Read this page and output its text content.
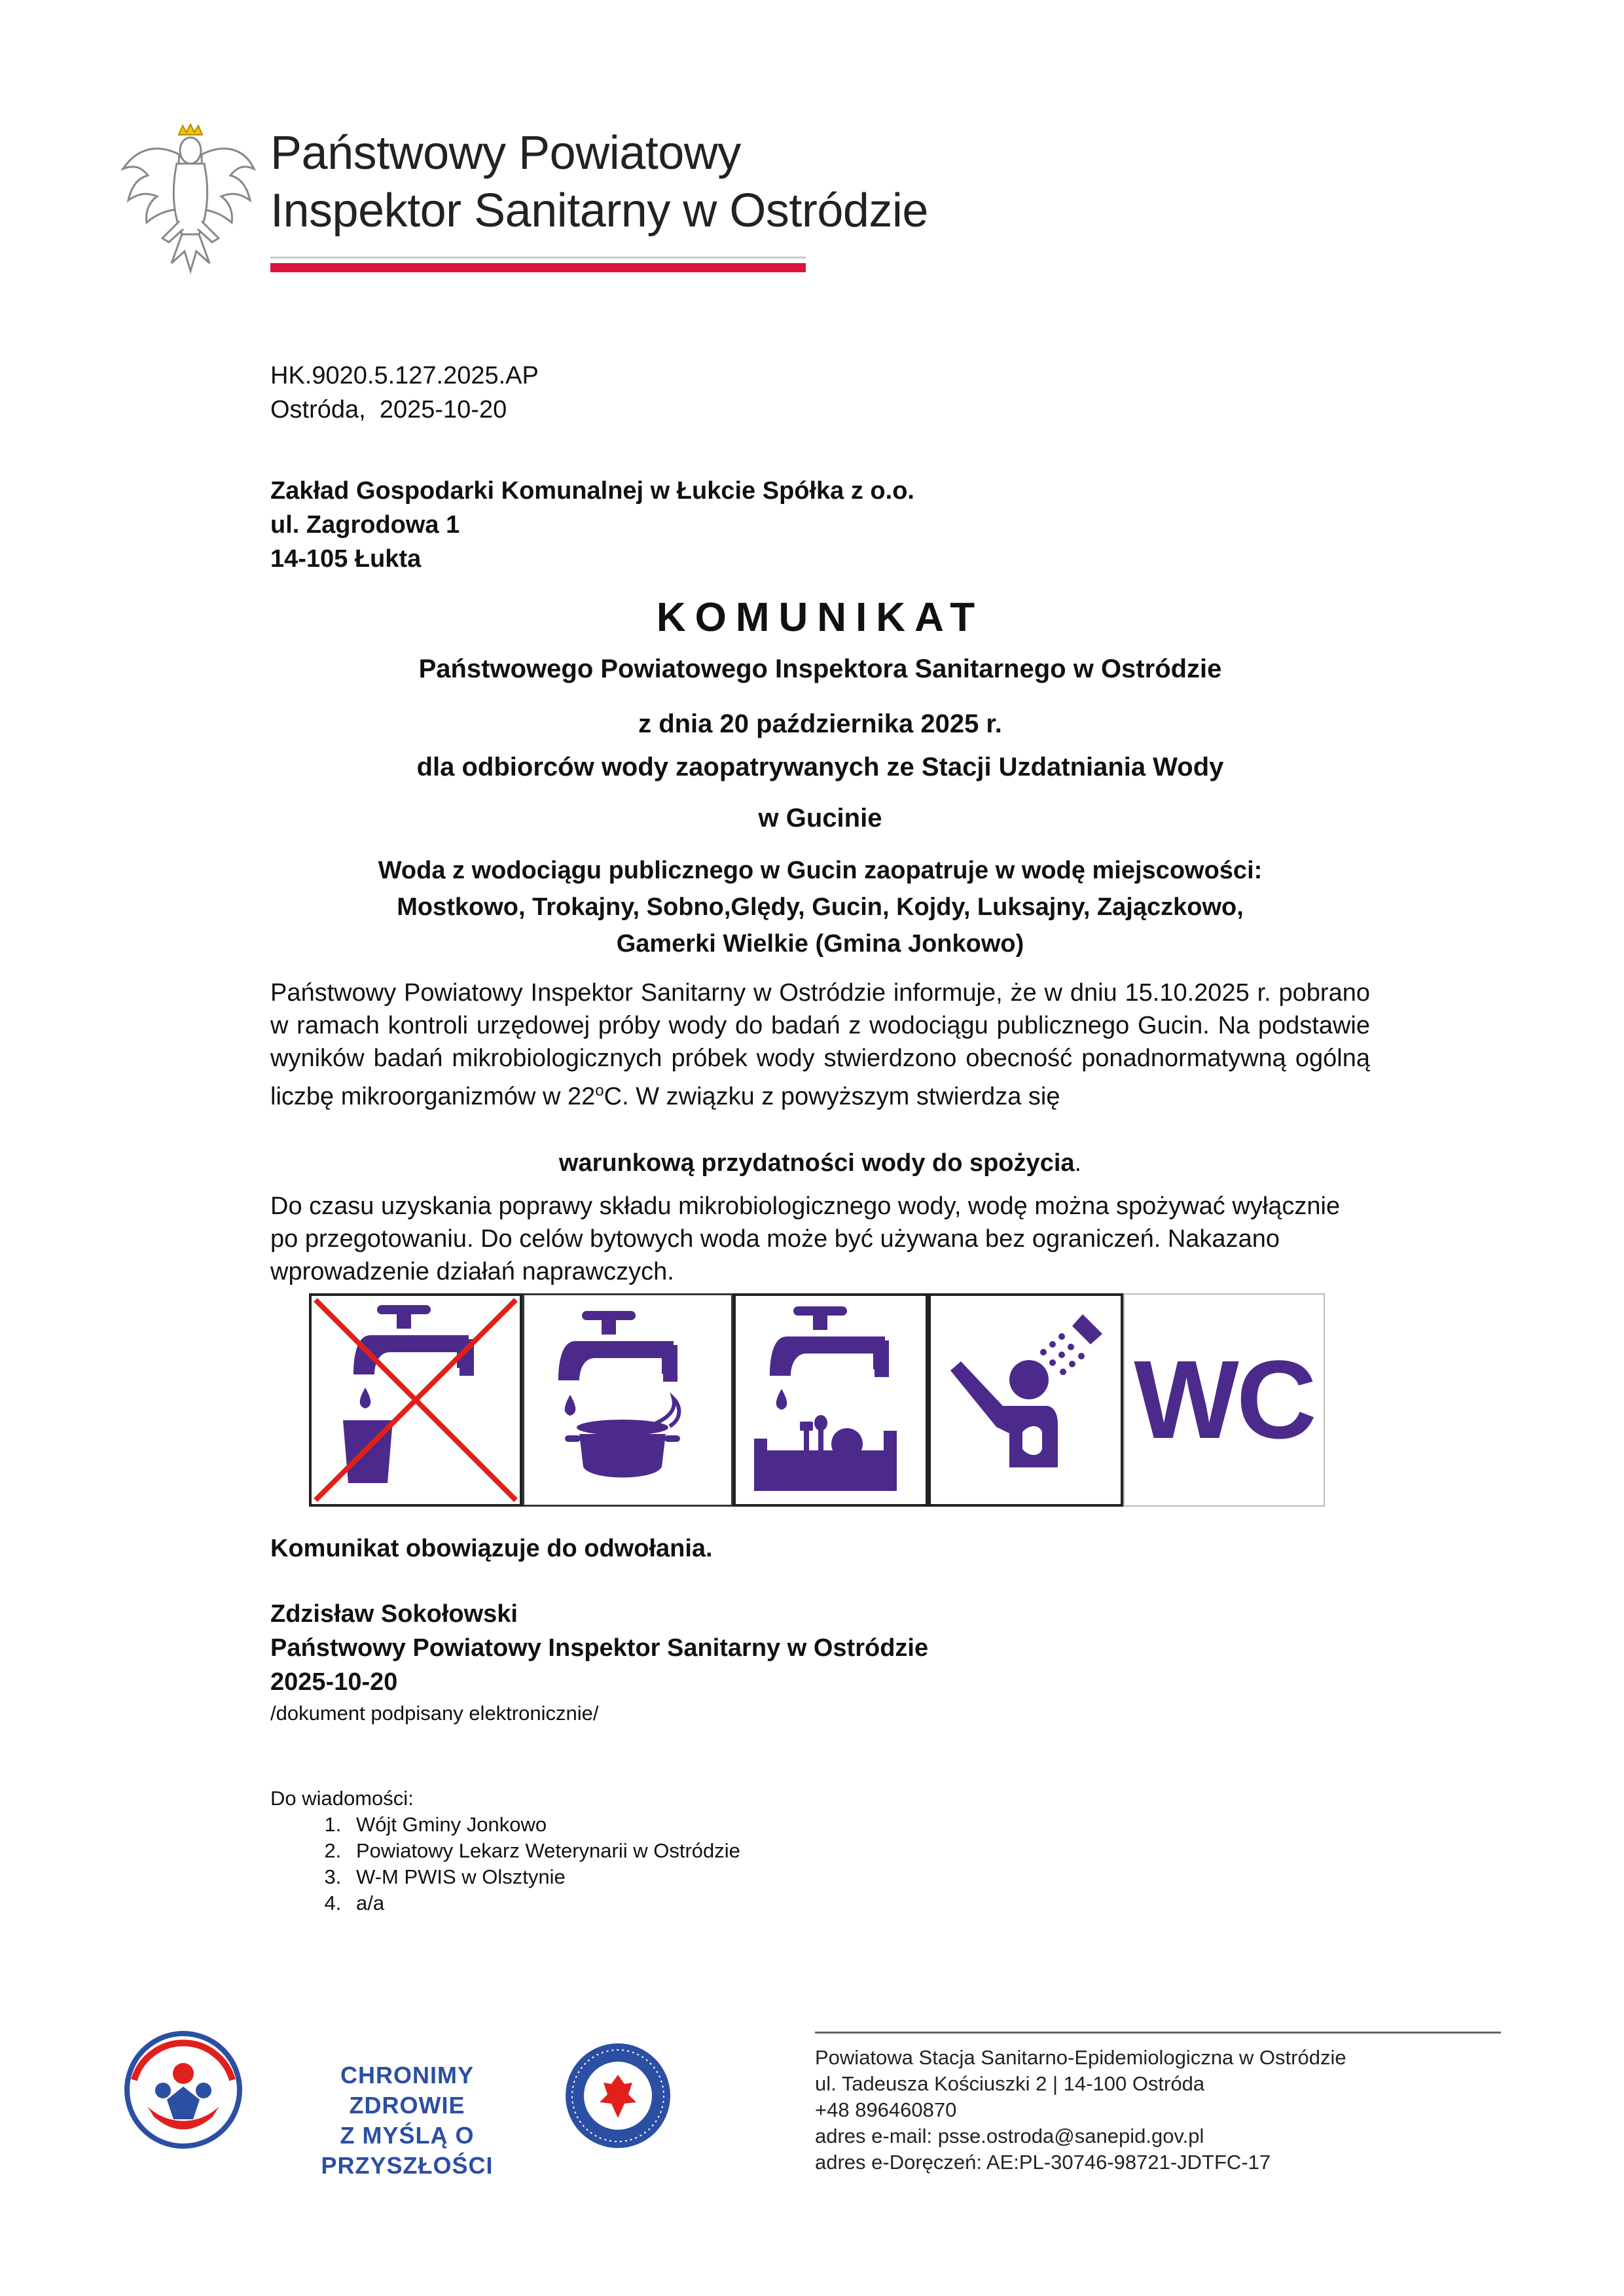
Państwowy Powiatowy
Inspektor Sanitarny w Ostródzie
HK.9020.5.127.2025.AP
Ostróda,  2025-10-20
Zakład Gospodarki Komunalnej w Łukcie Spółka z o.o.
ul. Zagrodowa 1
14-105 Łukta
KOMUNIKAT
Państwowego Powiatowego Inspektora Sanitarnego w Ostródzie
z dnia 20 października 2025 r.
dla odbiorców wody zaopatrywanych ze Stacji Uzdatniania Wody
w Gucinie
Woda z wodociągu publicznego w Gucin zaopatruje w wodę miejscowości:
Mostkowo, Trokajny, Sobno,Ględy, Gucin, Kojdy, Luksajny, Zajączkowo,
Gamerki Wielkie (Gmina Jonkowo)
Państwowy Powiatowy Inspektor Sanitarny w Ostródzie informuje, że w dniu 15.10.2025 r. pobrano w ramach kontroli urzędowej próby wody do badań z wodociągu publicznego Gucin. Na podstawie wyników badań mikrobiologicznych próbek wody stwierdzono obecność ponadnormatywną ogólną liczbę mikroorganizmów w 22$^o$C. W związku z powyższym stwierdza się
warunkową przydatności wody do spożycia.
Do czasu uzyskania poprawy składu mikrobiologicznego wody, wodę można spożywać wyłącznie po przegotowaniu. Do celów bytowych woda może być używana bez ograniczeń. Nakazano wprowadzenie działań naprawczych.
WC
Komunikat obowiązuje do odwołania.
Zdzisław Sokołowski
Państwowy Powiatowy Inspektor Sanitarny w Ostródzie
2025-10-20
/dokument podpisany elektronicznie/
Do wiadomości:
1. Wójt Gminy Jonkowo
2. Powiatowy Lekarz Weterynarii w Ostródzie
3. W-M PWIS w Olsztynie
4. a/a
CHRONIMY ZDROWIE
Z MYŚLĄ O PRZYSZŁOŚCI
Powiatowa Stacja Sanitarno-Epidemiologiczna w Ostródzie
ul. Tadeusza Kościuszki 2 | 14-100 Ostróda
+48 896460870
adres e-mail: psse.ostroda@sanepid.gov.pl
adres e-Doręczeń: AE:PL-30746-98721-JDTFC-17
